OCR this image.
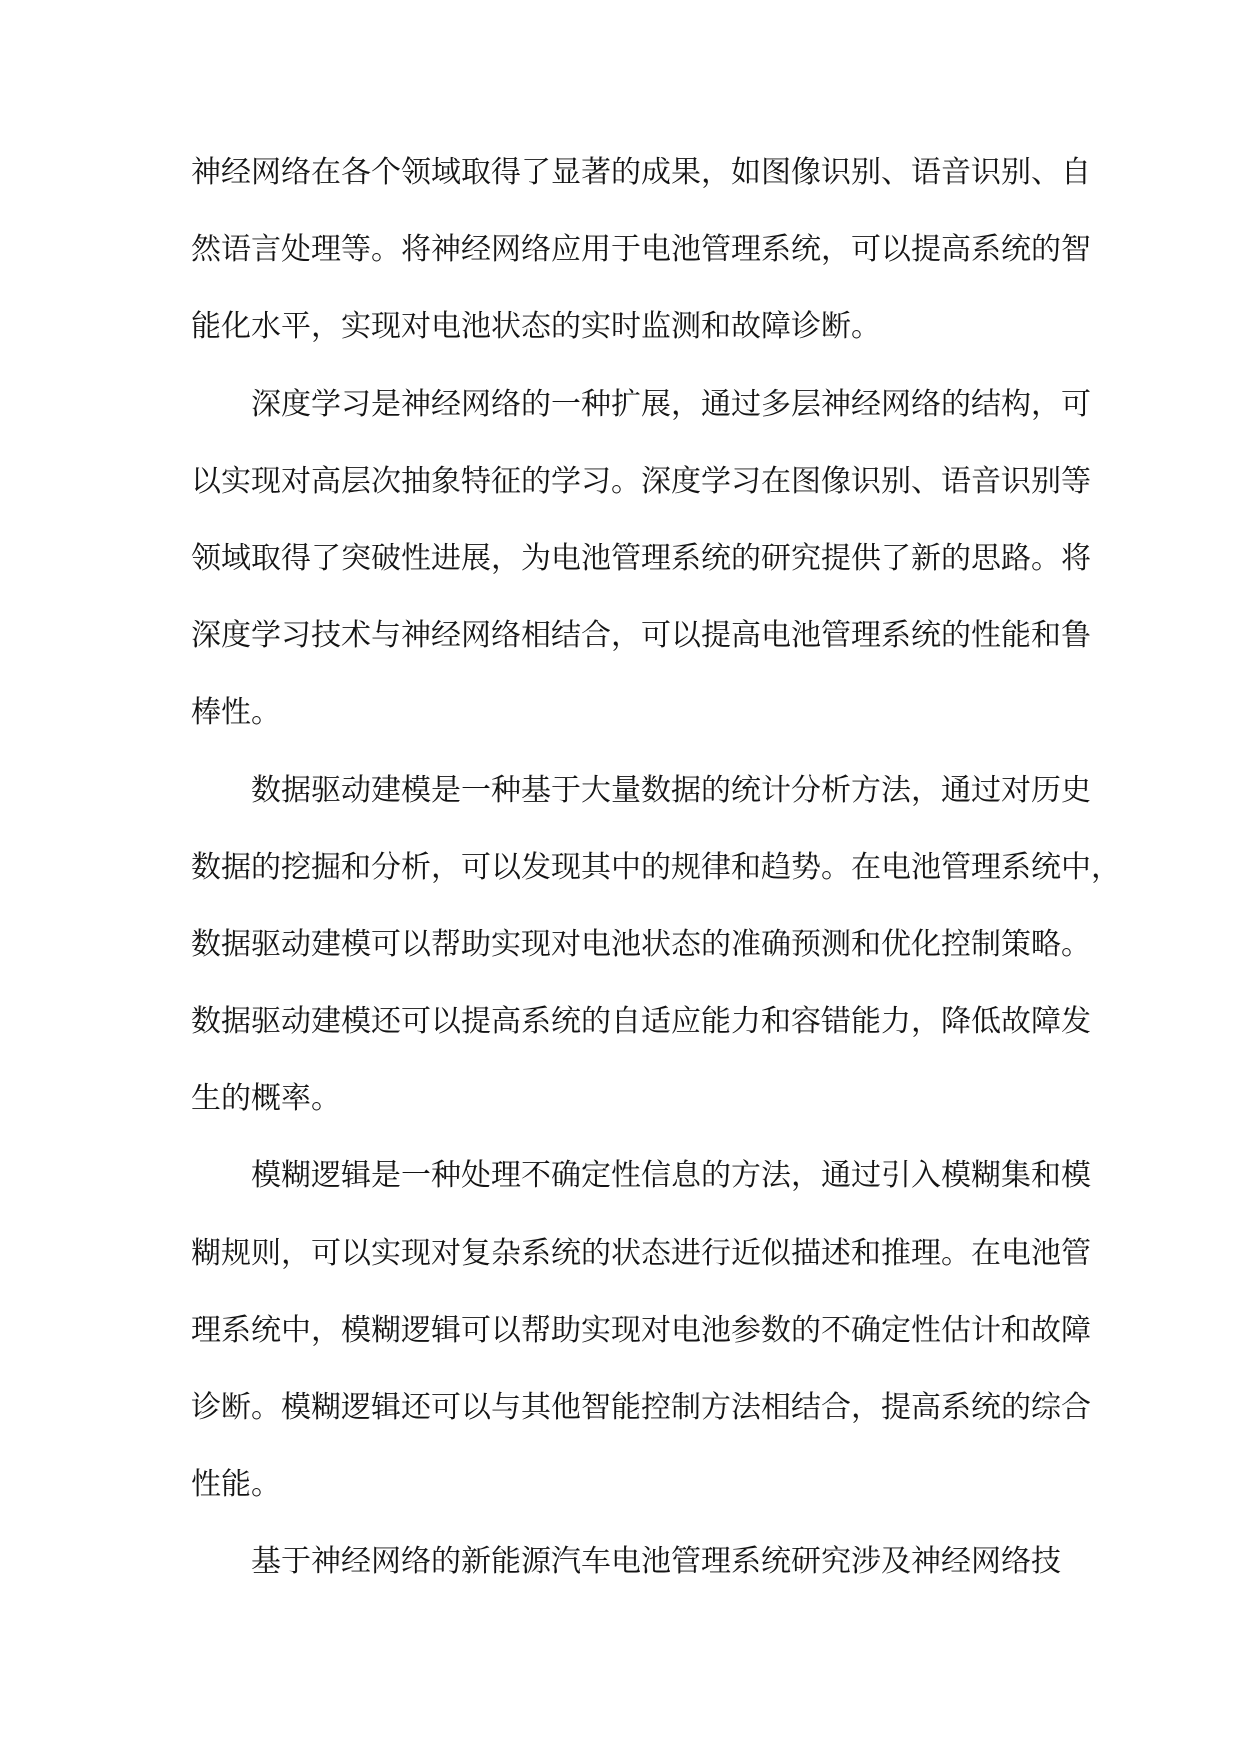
神经网络在各个领域取得了显著的成果，如图像识别、语音识别、自
然语言处理等。将神经网络应用于电池管理系统，可以提高系统的智
能化水平，实现对电池状态的实时监测和故障诊断。
深度学习是神经网络的一种扩展，通过多层神经网络的结构，可
以实现对高层次抽象特征的学习。深度学习在图像识别、语音识别等
领域取得了突破性进展，为电池管理系统的研究提供了新的思路。将
深度学习技术与神经网络相结合，可以提高电池管理系统的性能和鲁
棒性。
数据驱动建模是一种基于大量数据的统计分析方法，通过对历史
数据的挖掘和分析，可以发现其中的规律和趋势。在电池管理系统中，
数据驱动建模可以帮助实现对电池状态的准确预测和优化控制策略。
数据驱动建模还可以提高系统的自适应能力和容错能力，降低故障发
生的概率。
模糊逻辑是一种处理不确定性信息的方法，通过引入模糊集和模
糊规则，可以实现对复杂系统的状态进行近似描述和推理。在电池管
理系统中，模糊逻辑可以帮助实现对电池参数的不确定性估计和故障
诊断。模糊逻辑还可以与其他智能控制方法相结合，提高系统的综合
性能。
基于神经网络的新能源汽车电池管理系统研究涉及神经网络技
